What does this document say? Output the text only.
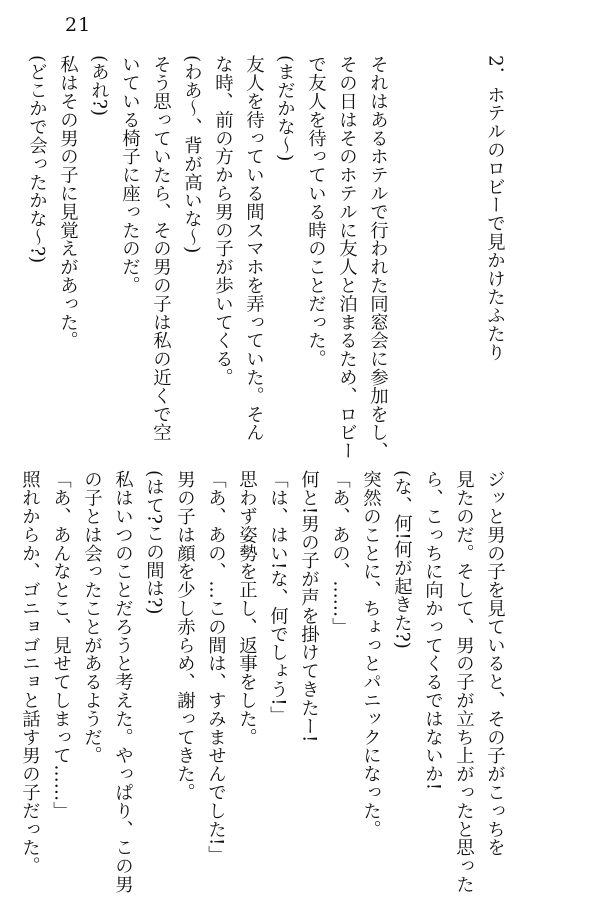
21
2．ホテルのロビーで見かけたふたり
それはあるホテルで行われた同窓会に参加をし、
その日はそのホテルに友人と泊まるため、ロビー
で友人を待っている時のことだった。
(まだかな～)
友人を待っている間スマホを弄っていた。そん
な時、前の方から男の子が歩いてくる。
(わあ～、背が高いな～)
そう思っていたら、その男の子は私の近くで空
いている椅子に座ったのだ。
(あれ?)
私はその男の子に見覚えがあった。
(どこかで会ったかな～?)
ジッと男の子を見ていると、その子がこっちを
見たのだ。そして、男の子が立ち上がったと思った
ら、こっちに向かってくるではないか!
(な、何!何が起きた?)
突然のことに、ちょっとパニックになった。
「あ、あの、……」
何と!男の子が声を掛けてきたー!
「は、はい!な、何でしょう!」
思わず姿勢を正し、返事をした。
「あ、あの、…この間は、すみませんでした!」
男の子は顔を少し赤らめ、謝ってきた。
(はて?この間は?)
私はいつのことだろうと考えた。やっぱり、この男
の子とは会ったことがあるようだ。
「あ、あんなとこ、見せてしまって……」
照れからか、ゴニョゴニョと話す男の子だった。
